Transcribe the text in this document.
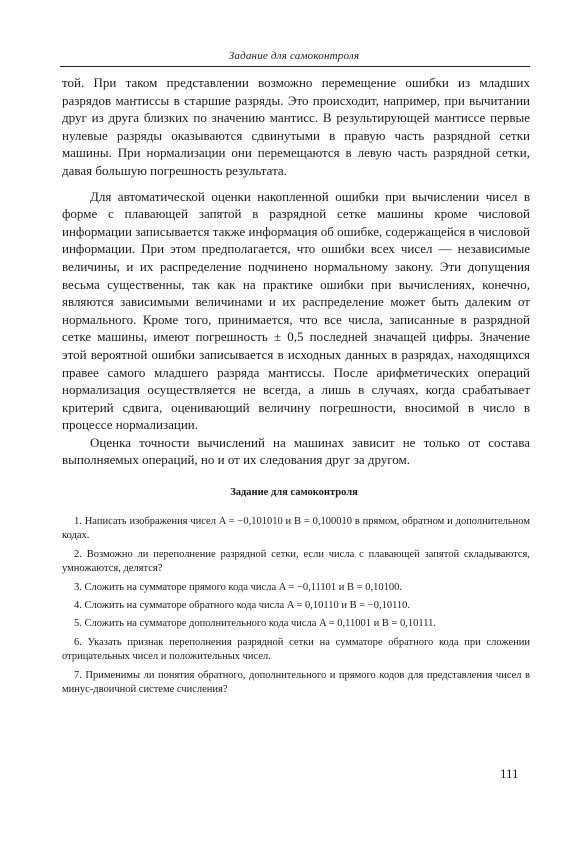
Задание для самоконтроля

той. При таком представлении возможно перемещение ошибки из младших разрядов мантиссы в старшие разряды. Это происходит, например, при вычитании друг из друга близких по значению мантисс. В результирующей мантиссе первые нулевые разряды оказываются сдвинутыми в правую часть разрядной сетки машины. При нормализации они перемещаются в левую часть разрядной сетки, давая большую погрешность результата.

Для автоматической оценки накопленной ошибки при вычислении чисел в форме с плавающей запятой в разрядной сетке машины кроме числовой информации записывается также информация об ошибке, содержащейся в числовой информации. При этом предполагается, что ошибки всех чисел — независимые величины, и их распределение подчинено нормальному закону. Эти допущения весьма существенны, так как на практике ошибки при вычислениях, конечно, являются зависимыми величинами и их распределение может быть далеким от нормального. Кроме того, принимается, что все числа, записанные в разрядной сетке машины, имеют погрешность ± 0,5 последней значащей цифры. Значение этой вероятной ошибки записывается в исходных данных в разрядах, находящихся правее самого младшего разряда мантиссы. После арифметических операций нормализация осуществляется не всегда, а лишь в случаях, когда срабатывает критерий сдвига, оценивающий величину погрешности, вносимой в число в процессе нормализации.

Оценка точности вычислений на машинах зависит не только от состава выполняемых операций, но и от их следования друг за другом.

Задание для самоконтроля

1. Написать изображения чисел A = −0,101010 и B = 0,100010 в прямом, обратном и дополнительном кодах.

2. Возможно ли переполнение разрядной сетки, если числа с плавающей запятой складываются, умножаются, делятся?

3. Сложить на сумматоре прямого кода числа A = −0,11101 и B = 0,10100.

4. Сложить на сумматоре обратного кода числа A = 0,10110 и B = −0,10110.

5. Сложить на сумматоре дополнительного кода числа A = 0,11001 и B = 0,10111.

6. Указать признак переполнения разрядной сетки на сумматоре обратного кода при сложении отрицательных чисел и положительных чисел.

7. Применимы ли понятия обратного, дополнительного и прямого кодов для представления чисел в минус-двоичной системе счисления?

111
